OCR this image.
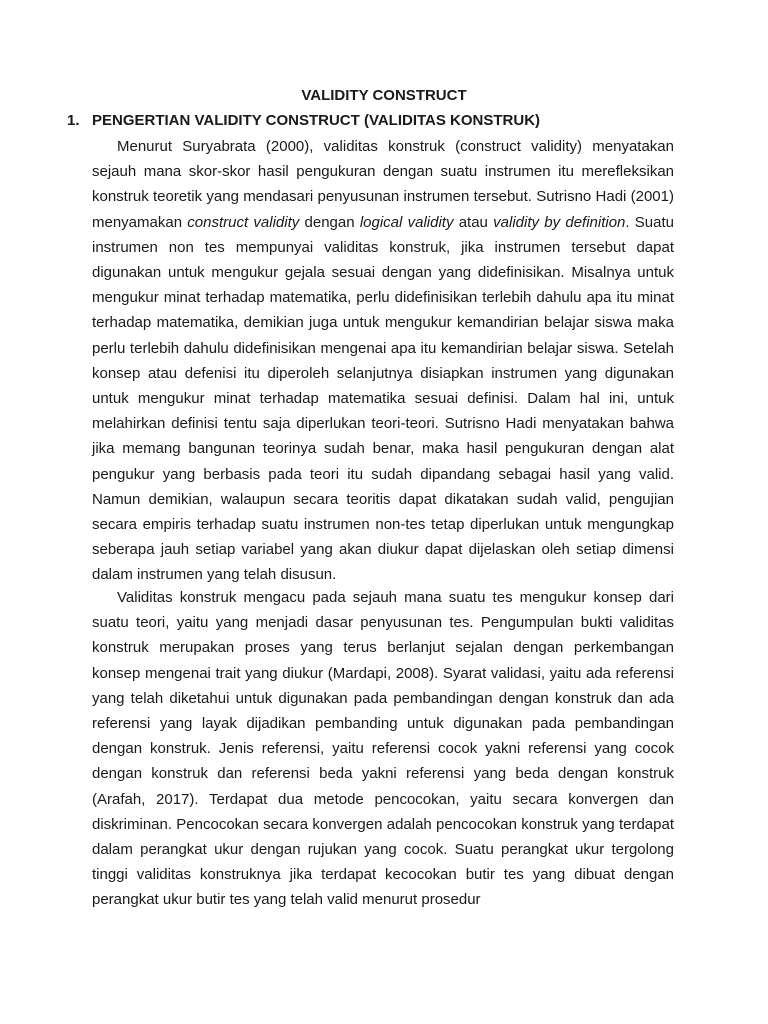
VALIDITY CONSTRUCT
1. PENGERTIAN VALIDITY CONSTRUCT (VALIDITAS KONSTRUK)

Menurut Suryabrata (2000), validitas konstruk (construct validity) menyatakan sejauh mana skor-skor hasil pengukuran dengan suatu instrumen itu merefleksikan konstruk teoretik yang mendasari penyusunan instrumen tersebut. Sutrisno Hadi (2001) menyamakan construct validity dengan logical validity atau validity by definition. Suatu instrumen non tes mempunyai validitas konstruk, jika instrumen tersebut dapat digunakan untuk mengukur gejala sesuai dengan yang didefinisikan. Misalnya untuk mengukur minat terhadap matematika, perlu didefinisikan terlebih dahulu apa itu minat terhadap matematika, demikian juga untuk mengukur kemandirian belajar siswa maka perlu terlebih dahulu didefinisikan mengenai apa itu kemandirian belajar siswa. Setelah konsep atau defenisi itu diperoleh selanjutnya disiapkan instrumen yang digunakan untuk mengukur minat terhadap matematika sesuai definisi. Dalam hal ini, untuk melahirkan definisi tentu saja diperlukan teori-teori. Sutrisno Hadi menyatakan bahwa jika memang bangunan teorinya sudah benar, maka hasil pengukuran dengan alat pengukur yang berbasis pada teori itu sudah dipandang sebagai hasil yang valid. Namun demikian, walaupun secara teoritis dapat dikatakan sudah valid, pengujian secara empiris terhadap suatu instrumen non-tes tetap diperlukan untuk mengungkap seberapa jauh setiap variabel yang akan diukur dapat dijelaskan oleh setiap dimensi dalam instrumen yang telah disusun.

Validitas konstruk mengacu pada sejauh mana suatu tes mengukur konsep dari suatu teori, yaitu yang menjadi dasar penyusunan tes. Pengumpulan bukti validitas konstruk merupakan proses yang terus berlanjut sejalan dengan perkembangan konsep mengenai trait yang diukur (Mardapi, 2008). Syarat validasi, yaitu ada referensi yang telah diketahui untuk digunakan pada pembandingan dengan konstruk dan ada referensi yang layak dijadikan pembanding untuk digunakan pada pembandingan dengan konstruk. Jenis referensi, yaitu referensi cocok yakni referensi yang cocok dengan konstruk dan referensi beda yakni referensi yang beda dengan konstruk (Arafah, 2017). Terdapat dua metode pencocokan, yaitu secara konvergen dan diskriminan. Pencocokan secara konvergen adalah pencocokan konstruk yang terdapat dalam perangkat ukur dengan rujukan yang cocok. Suatu perangkat ukur tergolong tinggi validitas konstruknya jika terdapat kecocokan butir tes yang dibuat dengan perangkat ukur butir tes yang telah valid menurut prosedur
